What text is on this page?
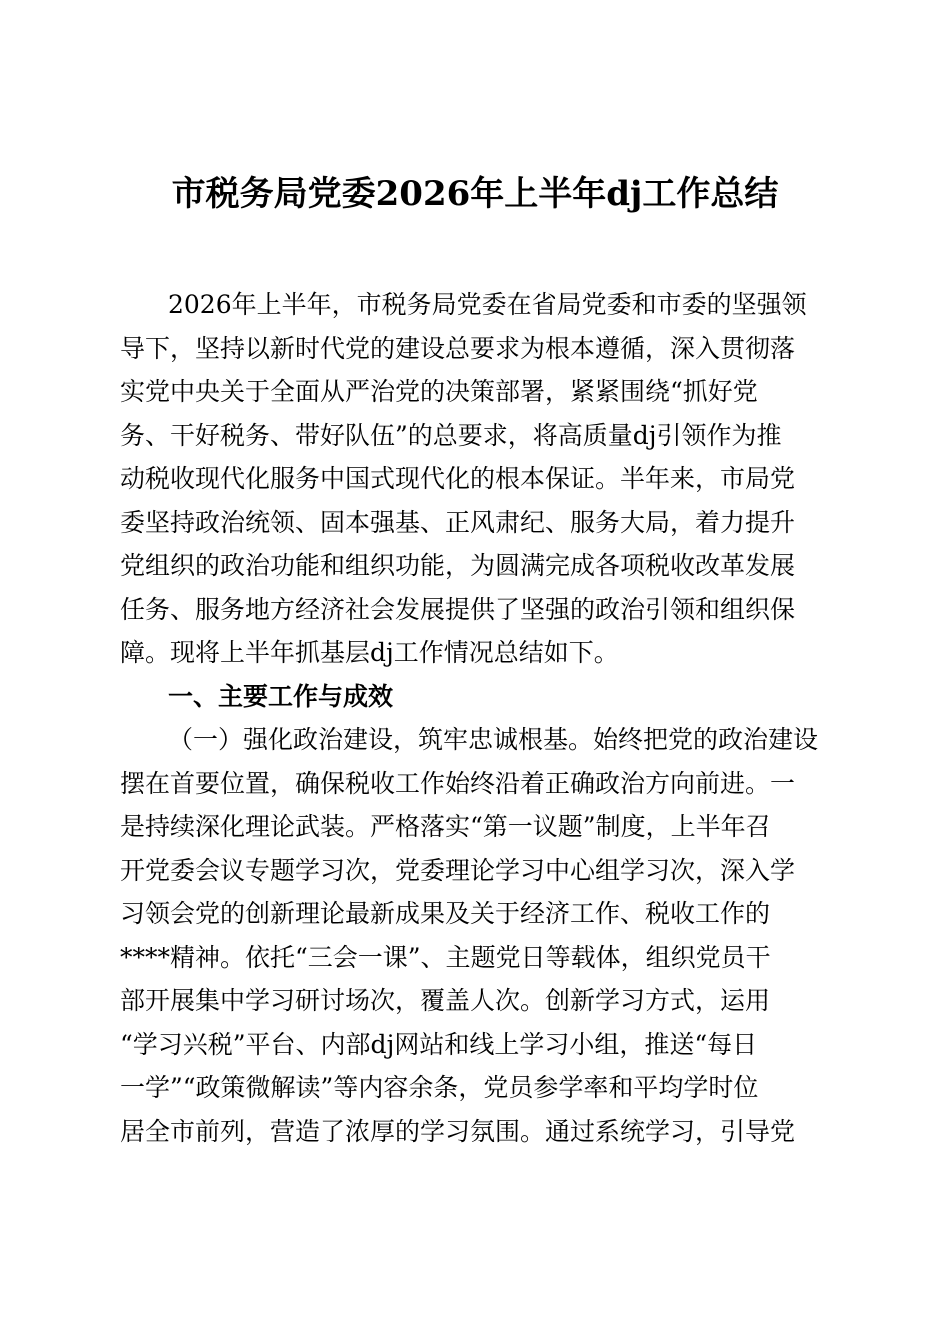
市税务局党委2026年上半年dj工作总结
2026年上半年，市税务局党委在省局党委和市委的坚强领
导下，坚持以新时代党的建设总要求为根本遵循，深入贯彻落
实党中央关于全面从严治党的决策部署，紧紧围绕“抓好党
务、干好税务、带好队伍”的总要求，将高质量dj引领作为推
动税收现代化服务中国式现代化的根本保证。半年来，市局党
委坚持政治统领、固本强基、正风肃纪、服务大局，着力提升
党组织的政治功能和组织功能，为圆满完成各项税收改革发展
任务、服务地方经济社会发展提供了坚强的政治引领和组织保
障。现将上半年抓基层dj工作情况总结如下。
一、主要工作与成效
（一）强化政治建设，筑牢忠诚根基。始终把党的政治建设
摆在首要位置，确保税收工作始终沿着正确政治方向前进。一
是持续深化理论武装。严格落实“第一议题”制度，上半年召
开党委会议专题学习次，党委理论学习中心组学习次，深入学
习领会党的创新理论最新成果及关于经济工作、税收工作的
****精神。依托“三会一课”、主题党日等载体，组织党员干
部开展集中学习研讨场次，覆盖人次。创新学习方式，运用
“学习兴税”平台、内部dj网站和线上学习小组，推送“每日
一学”“政策微解读”等内容余条，党员参学率和平均学时位
居全市前列，营造了浓厚的学习氛围。通过系统学习，引导党
